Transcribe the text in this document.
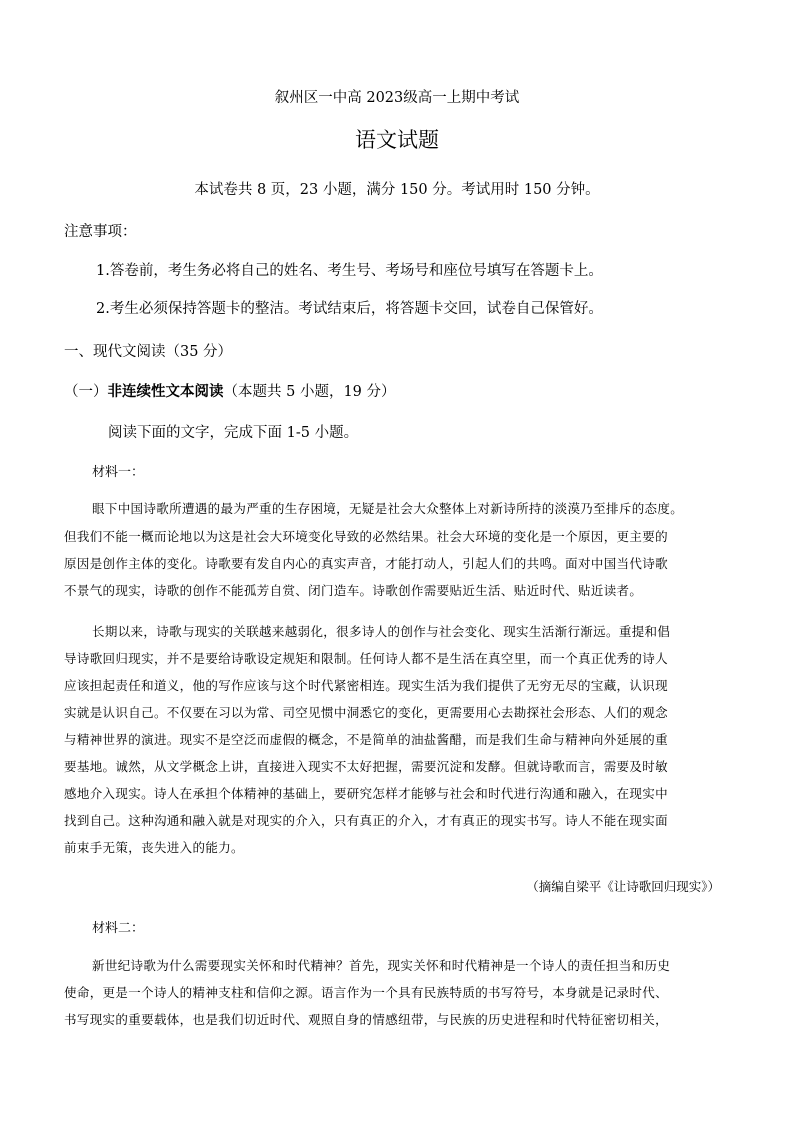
叙州区一中高 2023级高一上期中考试
语文试题
本试卷共 8 页，23 小题，满分 150 分。考试用时 150 分钟。
注意事项：
1.答卷前，考生务必将自己的姓名、考生号、考场号和座位号填写在答题卡上。
2.考生必须保持答题卡的整洁。考试结束后，将答题卡交回，试卷自己保管好。
一、现代文阅读（35 分）
（一）非连续性文本阅读（本题共 5 小题，19 分）
阅读下面的文字，完成下面 1-5 小题。
材料一：
眼下中国诗歌所遭遇的最为严重的生存困境，无疑是社会大众整体上对新诗所持的淡漠乃至排斥的态度。
但我们不能一概而论地以为这是社会大环境变化导致的必然结果。社会大环境的变化是一个原因，更主要的
原因是创作主体的变化。诗歌要有发自内心的真实声音，才能打动人，引起人们的共鸣。面对中国当代诗歌
不景气的现实，诗歌的创作不能孤芳自赏、闭门造车。诗歌创作需要贴近生活、贴近时代、贴近读者。
长期以来，诗歌与现实的关联越来越弱化，很多诗人的创作与社会变化、现实生活渐行渐远。重提和倡
导诗歌回归现实，并不是要给诗歌设定规矩和限制。任何诗人都不是生活在真空里，而一个真正优秀的诗人
应该担起责任和道义，他的写作应该与这个时代紧密相连。现实生活为我们提供了无穷无尽的宝藏，认识现
实就是认识自己。不仅要在习以为常、司空见惯中洞悉它的变化，更需要用心去勘探社会形态、人们的观念
与精神世界的演进。现实不是空泛而虚假的概念，不是简单的油盐酱醋，而是我们生命与精神向外延展的重
要基地。诚然，从文学概念上讲，直接进入现实不太好把握，需要沉淀和发酵。但就诗歌而言，需要及时敏
感地介入现实。诗人在承担个体精神的基础上，要研究怎样才能够与社会和时代进行沟通和融入，在现实中
找到自己。这种沟通和融入就是对现实的介入，只有真正的介入，才有真正的现实书写。诗人不能在现实面
前束手无策，丧失进入的能力。
（摘编自梁平《让诗歌回归现实》）
材料二：
新世纪诗歌为什么需要现实关怀和时代精神？首先，现实关怀和时代精神是一个诗人的责任担当和历史
使命，更是一个诗人的精神支柱和信仰之源。语言作为一个具有民族特质的书写符号，本身就是记录时代、
书写现实的重要载体，也是我们切近时代、观照自身的情感纽带，与民族的历史进程和时代特征密切相关，
